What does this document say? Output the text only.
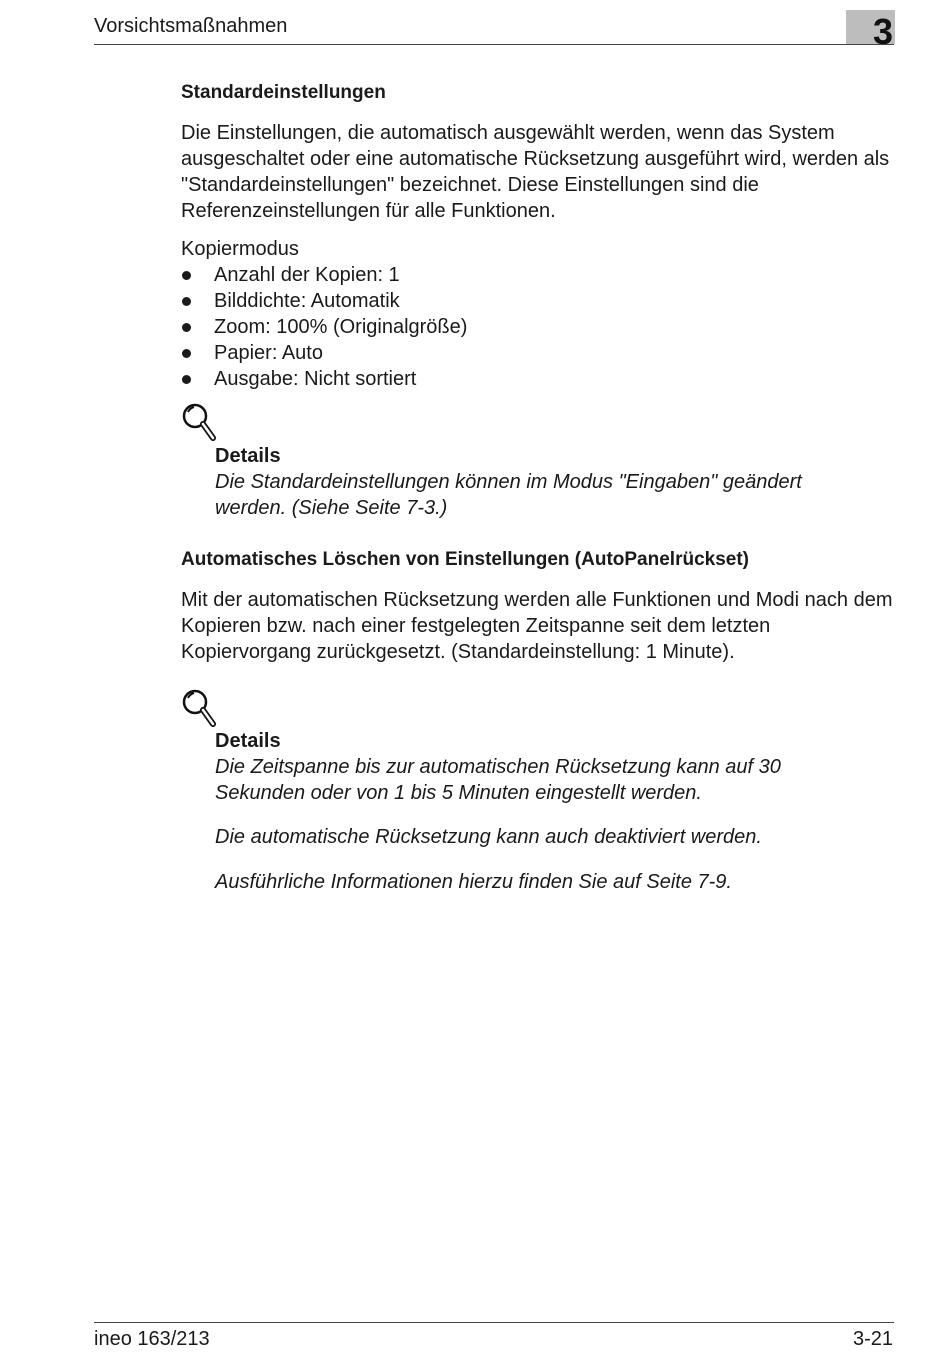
Vorsichtsmaßnahmen	3
Standardeinstellungen

Die Einstellungen, die automatisch ausgewählt werden, wenn das System ausgeschaltet oder eine automatische Rücksetzung ausgeführt wird, werden als "Standardeinstellungen" bezeichnet. Diese Einstellungen sind die Referenzeinstellungen für alle Funktionen.

Kopiermodus
Anzahl der Kopien: 1
Bilddichte: Automatik
Zoom: 100% (Originalgröße)
Papier: Auto
Ausgabe: Nicht sortiert
Details

Die Standardeinstellungen können im Modus "Eingaben" geändert werden. (Siehe Seite 7-3.)

Automatisches Löschen von Einstellungen (AutoPanelrückset)

Mit der automatischen Rücksetzung werden alle Funktionen und Modi nach dem Kopieren bzw. nach einer festgelegten Zeitspanne seit dem letzten Kopiervorgang zurückgesetzt. (Standardeinstellung: 1 Minute).

Details

Die Zeitspanne bis zur automatischen Rücksetzung kann auf 30 Sekunden oder von 1 bis 5 Minuten eingestellt werden.

Die automatische Rücksetzung kann auch deaktiviert werden.

Ausführliche Informationen hierzu finden Sie auf Seite 7-9.

ineo 163/213	3-21
